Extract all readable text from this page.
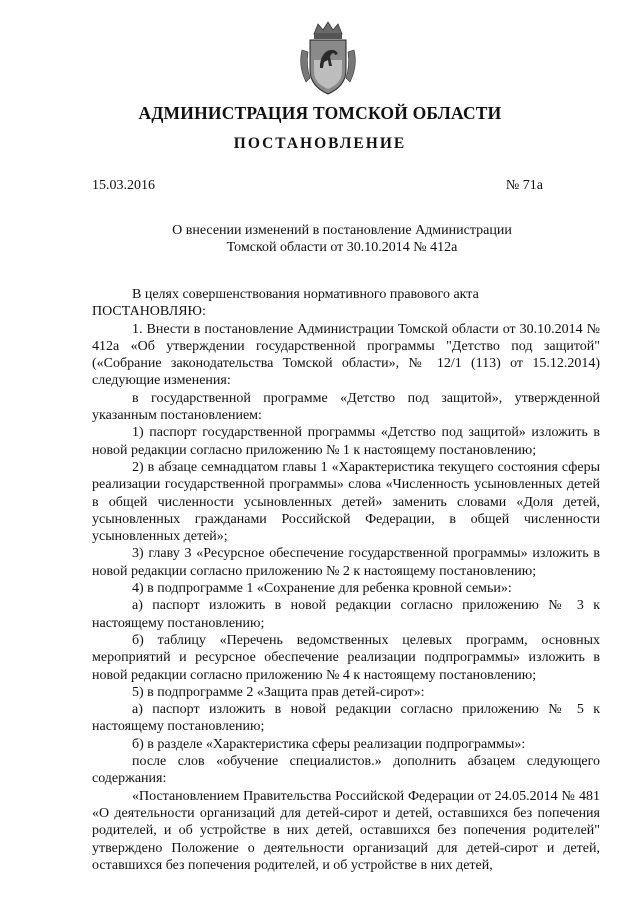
АДМИНИСТРАЦИЯ ТОМСКОЙ ОБЛАСТИ
ПОСТАНОВЛЕНИЕ
15.03.2016	№ 71а
О внесении изменений в постановление Администрации
Томской области от 30.10.2014 № 412а

В целях совершенствования нормативного правового акта

ПОСТАНОВЛЯЮ:

1. Внести в постановление Администрации Томской области от 30.10.2014 № 412а «Об утверждении государственной программы "Детство под защитой" («Собрание законодательства Томской области», № 12/1 (113) от 15.12.2014) следующие изменения:

в государственной программе «Детство под защитой», утвержденной указанным постановлением:

1) паспорт государственной программы «Детство под защитой» изложить в новой редакции согласно приложению № 1 к настоящему постановлению;

2) в абзаце семнадцатом главы 1 «Характеристика текущего состояния сферы реализации государственной программы» слова «Численность усыновленных детей в общей численности усыновленных детей» заменить словами «Доля детей, усыновленных гражданами Российской Федерации, в общей численности усыновленных детей»;

3) главу 3 «Ресурсное обеспечение государственной программы» изложить в новой редакции согласно приложению № 2 к настоящему постановлению;

4) в подпрограмме 1 «Сохранение для ребенка кровной семьи»:

а) паспорт изложить в новой редакции согласно приложению № 3 к настоящему постановлению;

б) таблицу «Перечень ведомственных целевых программ, основных мероприятий и ресурсное обеспечение реализации подпрограммы» изложить в новой редакции согласно приложению № 4 к настоящему постановлению;

5) в подпрограмме 2 «Защита прав детей-сирот»:

а) паспорт изложить в новой редакции согласно приложению № 5 к настоящему постановлению;

б) в разделе «Характеристика сферы реализации подпрограммы»:

после слов «обучение специалистов.» дополнить абзацем следующего содержания:

«Постановлением Правительства Российской Федерации от 24.05.2014 № 481 «О деятельности организаций для детей-сирот и детей, оставшихся без попечения родителей, и об устройстве в них детей, оставшихся без попечения родителей" утверждено Положение о деятельности организаций для детей-сирот и детей, оставшихся без попечения родителей, и об устройстве в них детей,
